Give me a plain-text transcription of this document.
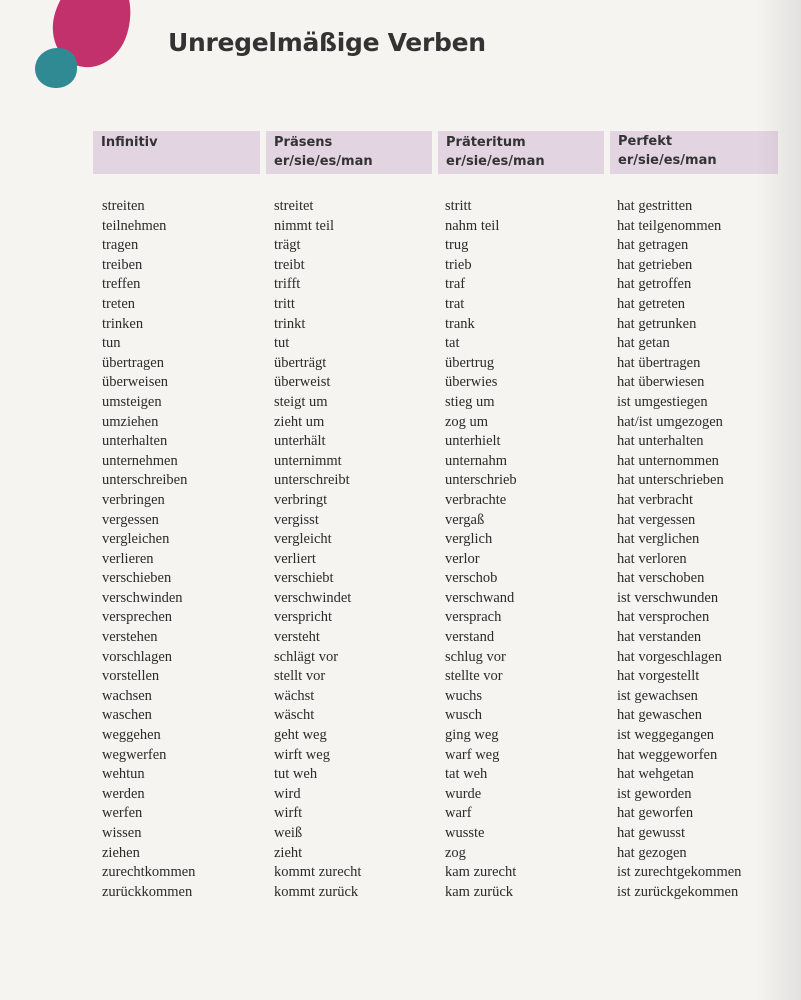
Unregelmäßige Verben
Infinitiv	Präsens
er/sie/es/man
Präteritum
er/sie/es/man
Perfekt
er/sie/es/man
streiten
teilnehmen
tragen
treiben
treffen
treten
trinken
tun
übertragen
überweisen
umsteigen
umziehen
unterhalten
unternehmen
unterschreiben
verbringen
vergessen
vergleichen
verlieren
verschieben
verschwinden
versprechen
verstehen
vorschlagen
vorstellen
wachsen
waschen
weggehen
wegwerfen
wehtun
werden
werfen
wissen
ziehen
zurechtkommen
zurückkommen
streitet
nimmt teil
trägt
treibt
trifft
tritt
trinkt
tut
überträgt
überweist
steigt um
zieht um
unterhält
unternimmt
unterschreibt
verbringt
vergisst
vergleicht
verliert
verschiebt
verschwindet
verspricht
versteht
schlägt vor
stellt vor
wächst
wäscht
geht weg
wirft weg
tut weh
wird
wirft
weiß
zieht
kommt zurecht
kommt zurück
stritt
nahm teil
trug
trieb
traf
trat
trank
tat
übertrug
überwies
stieg um
zog um
unterhielt
unternahm
unterschrieb
verbrachte
vergaß
verglich
verlor
verschob
verschwand
versprach
verstand
schlug vor
stellte vor
wuchs
wusch
ging weg
warf weg
tat weh
wurde
warf
wusste
zog
kam zurecht
kam zurück
hat gestritten
hat teilgenommen
hat getragen
hat getrieben
hat getroffen
hat getreten
hat getrunken
hat getan
hat übertragen
hat überwiesen
ist umgestiegen
hat/ist umgezogen
hat unterhalten
hat unternommen
hat unterschrieben
hat verbracht
hat vergessen
hat verglichen
hat verloren
hat verschoben
ist verschwunden
hat versprochen
hat verstanden
hat vorgeschlagen
hat vorgestellt
ist gewachsen
hat gewaschen
ist weggegangen
hat weggeworfen
hat wehgetan
ist geworden
hat geworfen
hat gewusst
hat gezogen
ist zurechtgekommen
ist zurückgekommen
